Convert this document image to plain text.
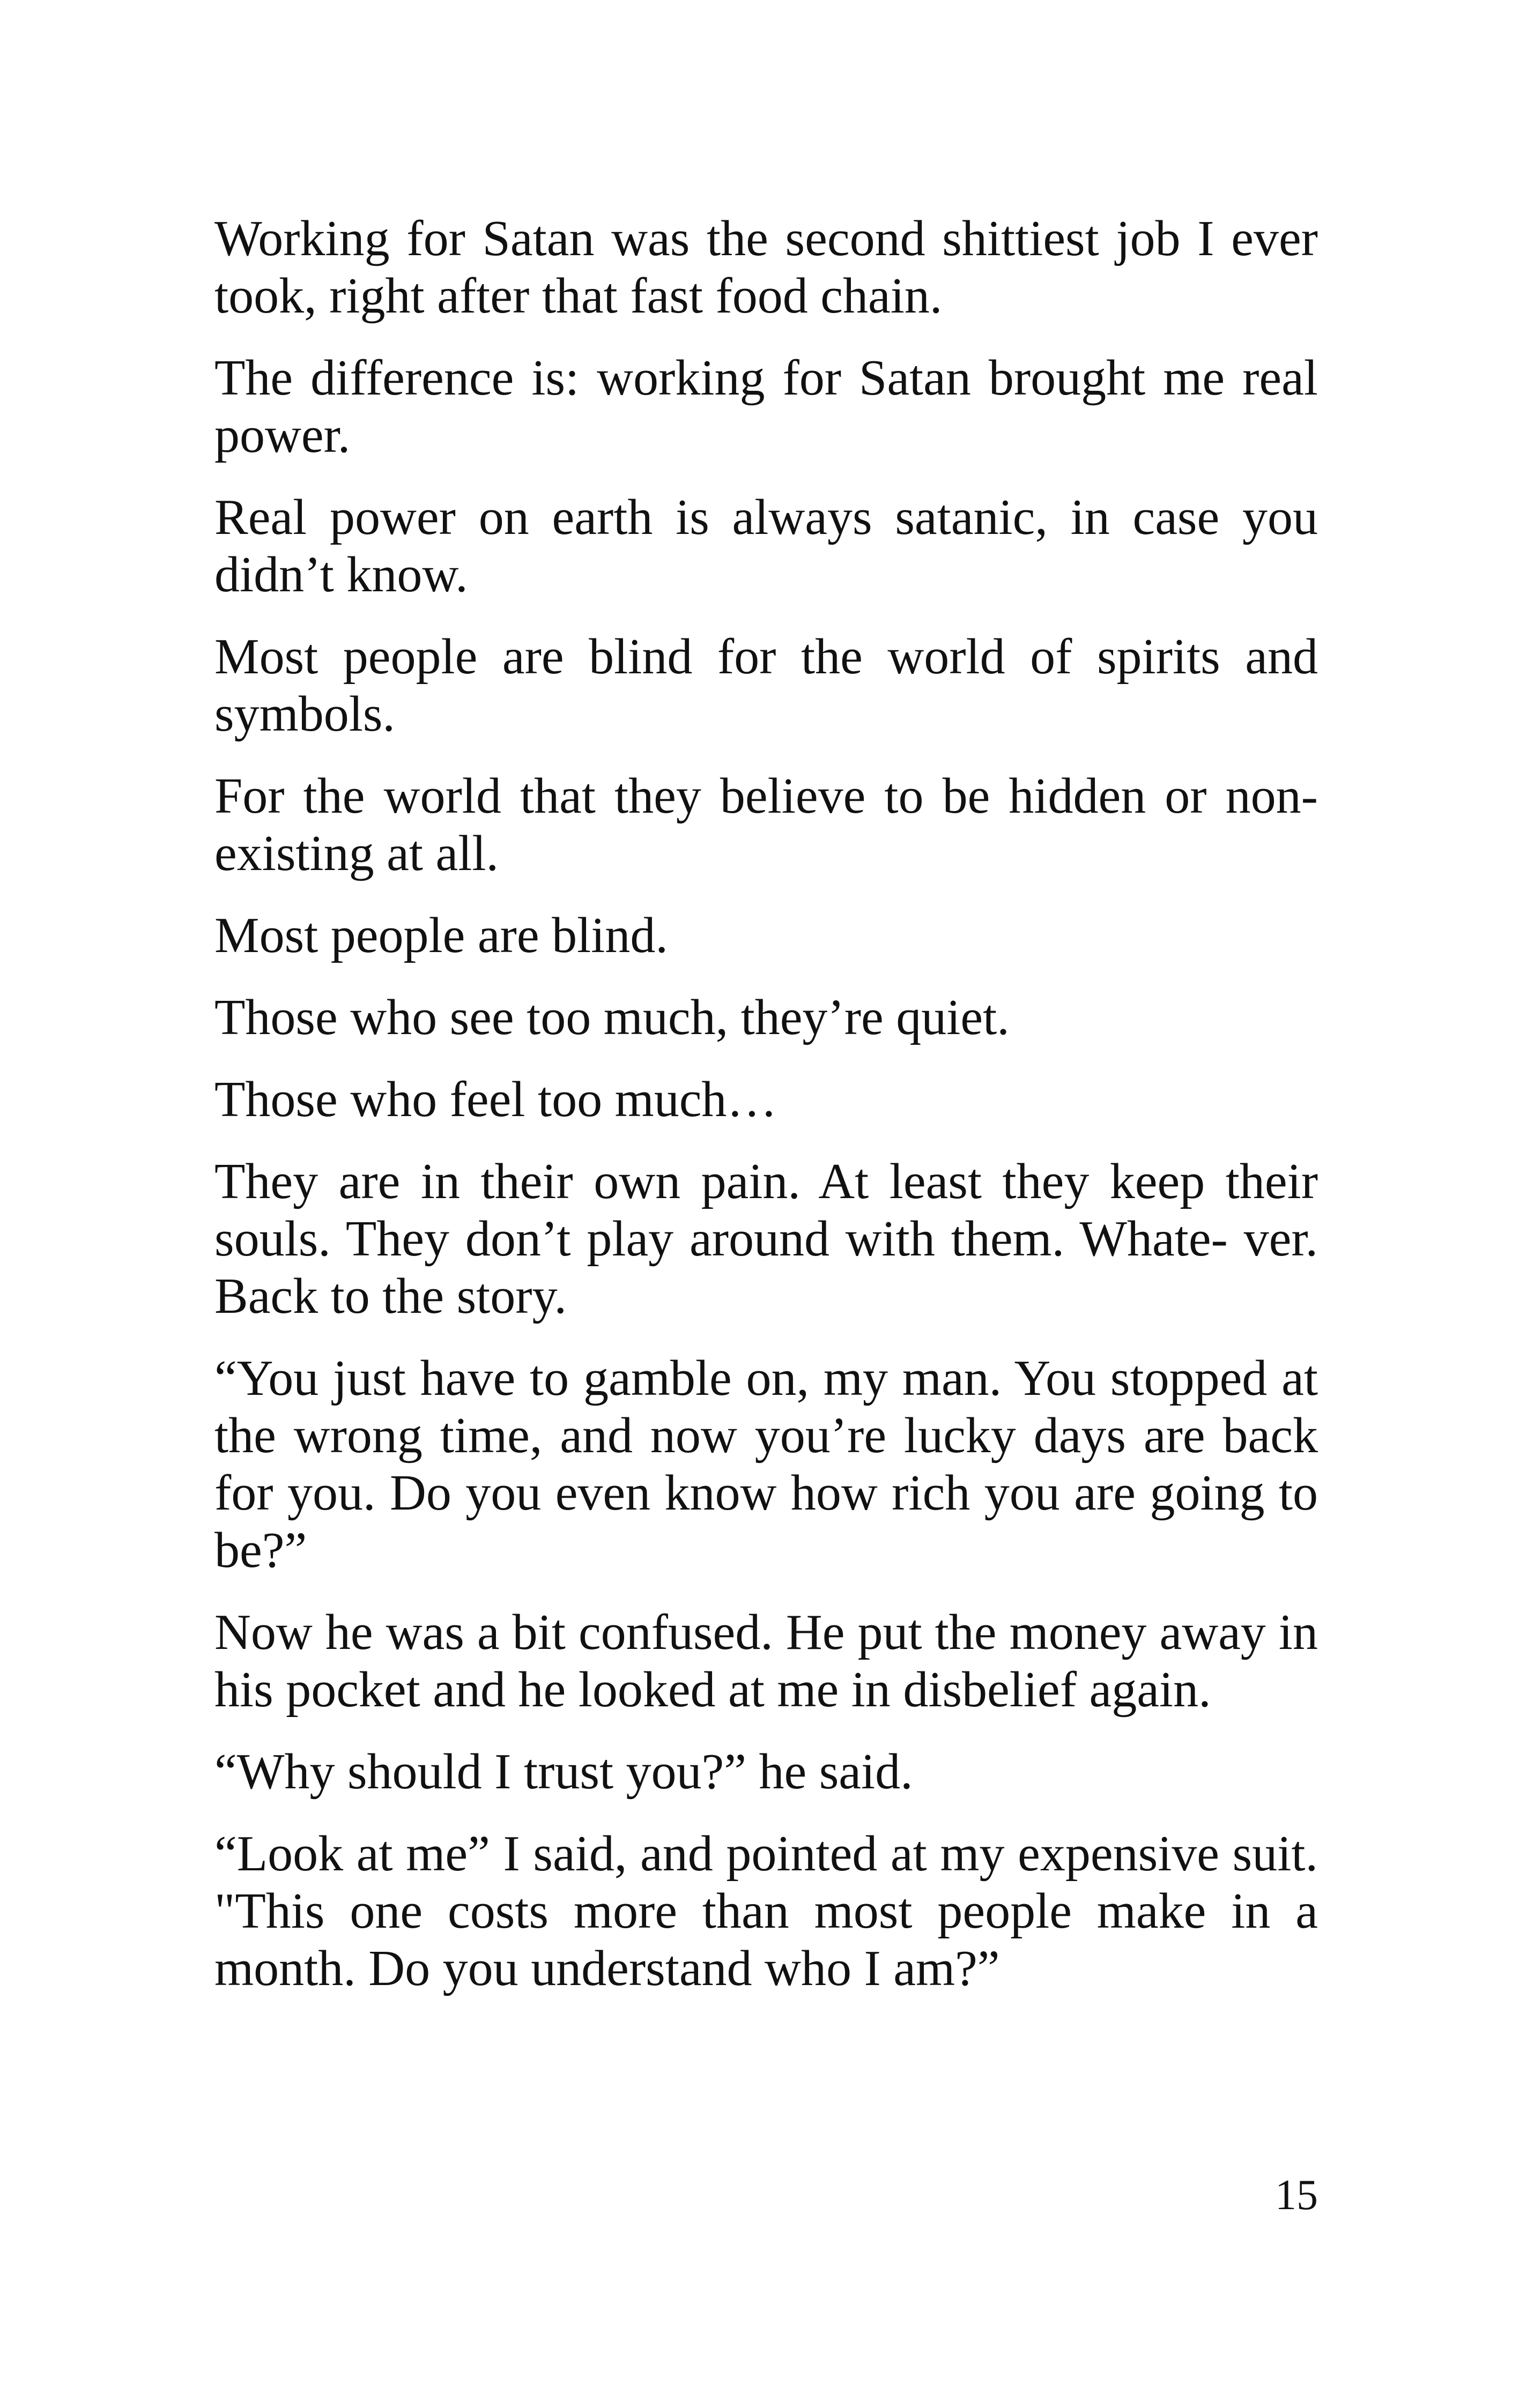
Working for Satan was the second shittiest job I ever took, right after that fast food chain.

The difference is: working for Satan brought me real power.

Real power on earth is always satanic, in case you didn’t know.

Most people are blind for the world of spirits and symbols.

For the world that they believe to be hidden or non-existing at all.

Most people are blind.

Those who see too much, they’re quiet.

Those who feel too much…

They are in their own pain. At least they keep their souls. They don’t play around with them. Whate- ver. Back to the story.

“You just have to gamble on, my man. You stopped at the wrong time, and now you’re lucky days are back for you. Do you even know how rich you are going to be?”

Now he was a bit confused. He put the money away in his pocket and he looked at me in disbelief again.

“Why should I trust you?” he said.

“Look at me” I said, and pointed at my expensive suit. "This one costs more than most people make in a month. Do you understand who I am?”

15
